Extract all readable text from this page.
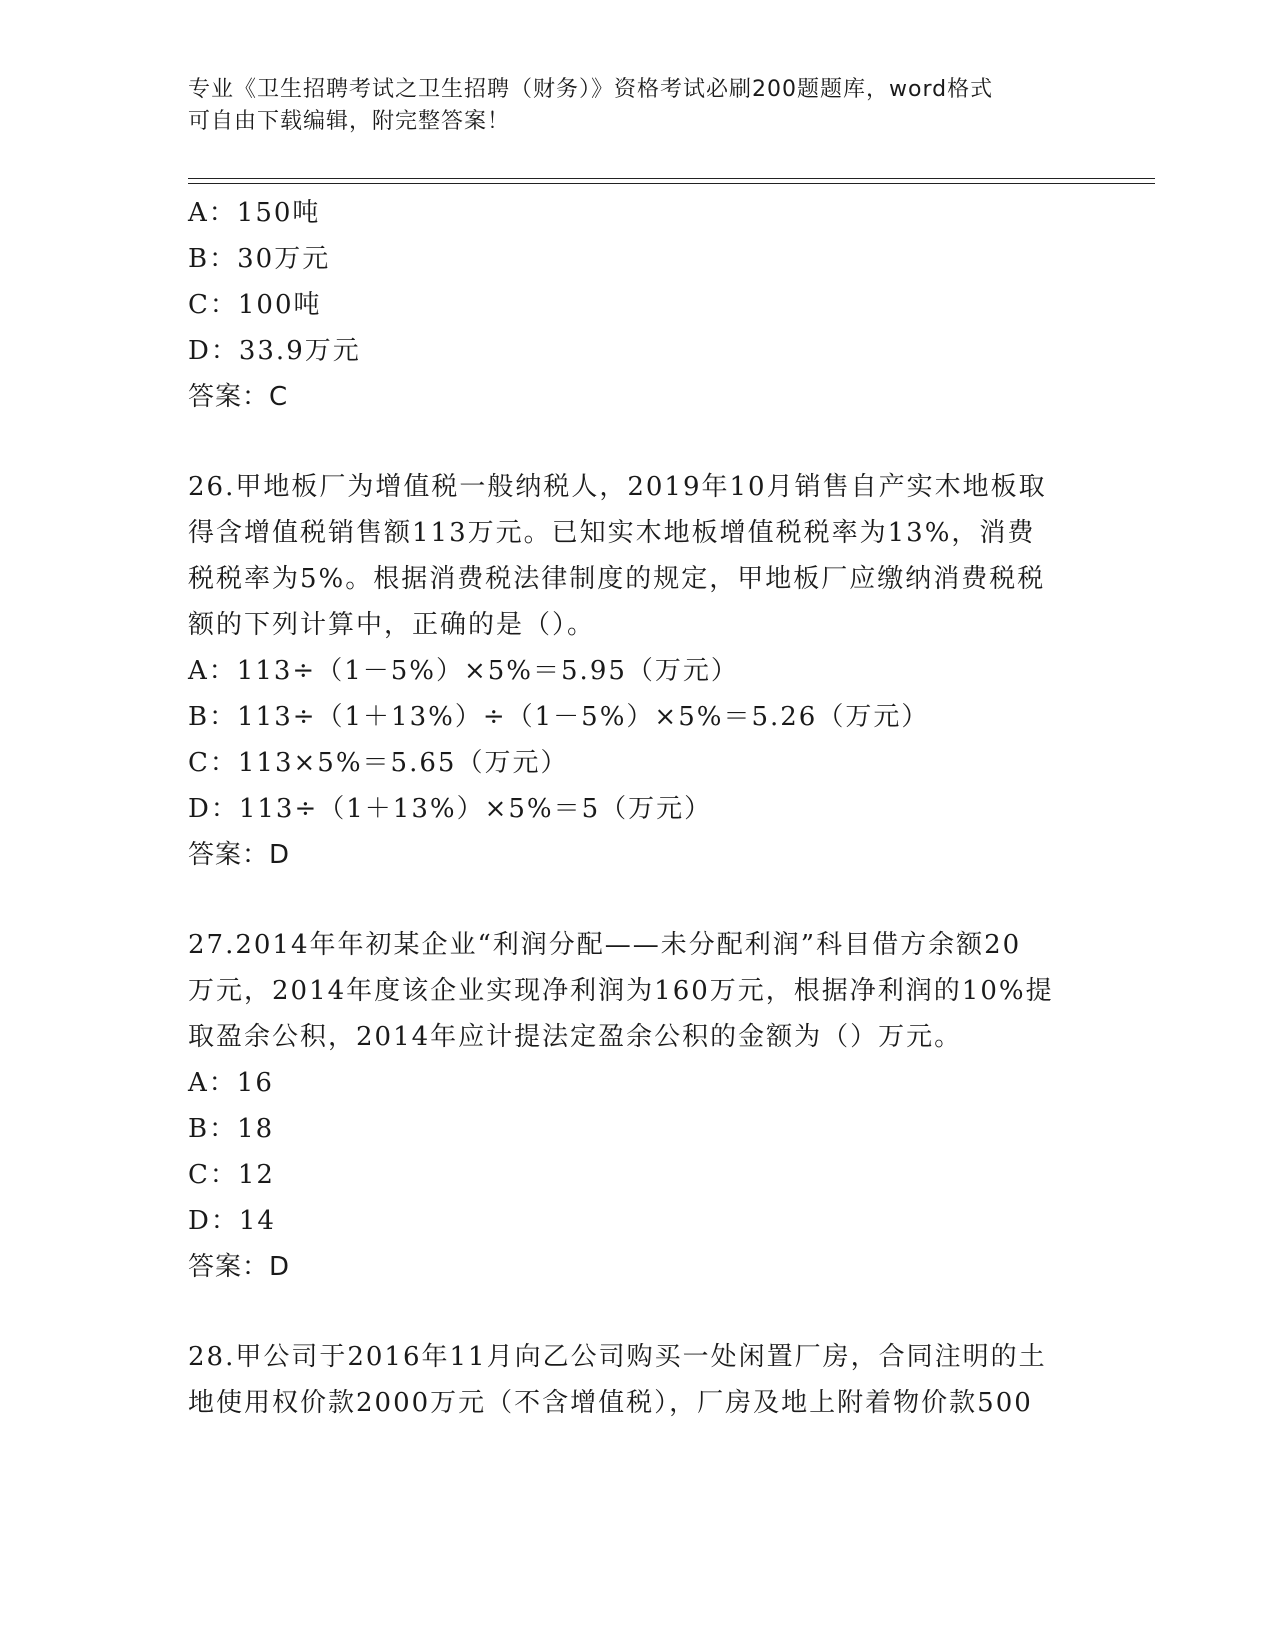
专业《卫生招聘考试之卫生招聘（财务）》资格考试必刷200题题库，word格式
可自由下载编辑，附完整答案！
A：150吨
B：30万元
C：100吨
D：33.9万元
答案：C
26.甲地板厂为增值税一般纳税人，2019年10月销售自产实木地板取
得含增值税销售额113万元。已知实木地板增值税税率为13%，消费
税税率为5%。根据消费税法律制度的规定，甲地板厂应缴纳消费税税
额的下列计算中，正确的是（）。
A：113÷（1－5%）×5%＝5.95（万元）
B：113÷（1＋13%）÷（1－5%）×5%＝5.26（万元）
C：113×5%＝5.65（万元）
D：113÷（1＋13%）×5%＝5（万元）
答案：D
27.2014年年初某企业“利润分配——未分配利润”科目借方余额20
万元，2014年度该企业实现净利润为160万元，根据净利润的10%提
取盈余公积，2014年应计提法定盈余公积的金额为（）万元。
A：16
B：18
C：12
D：14
答案：D
28.甲公司于2016年11月向乙公司购买一处闲置厂房，合同注明的土
地使用权价款2000万元（不含增值税），厂房及地上附着物价款500
